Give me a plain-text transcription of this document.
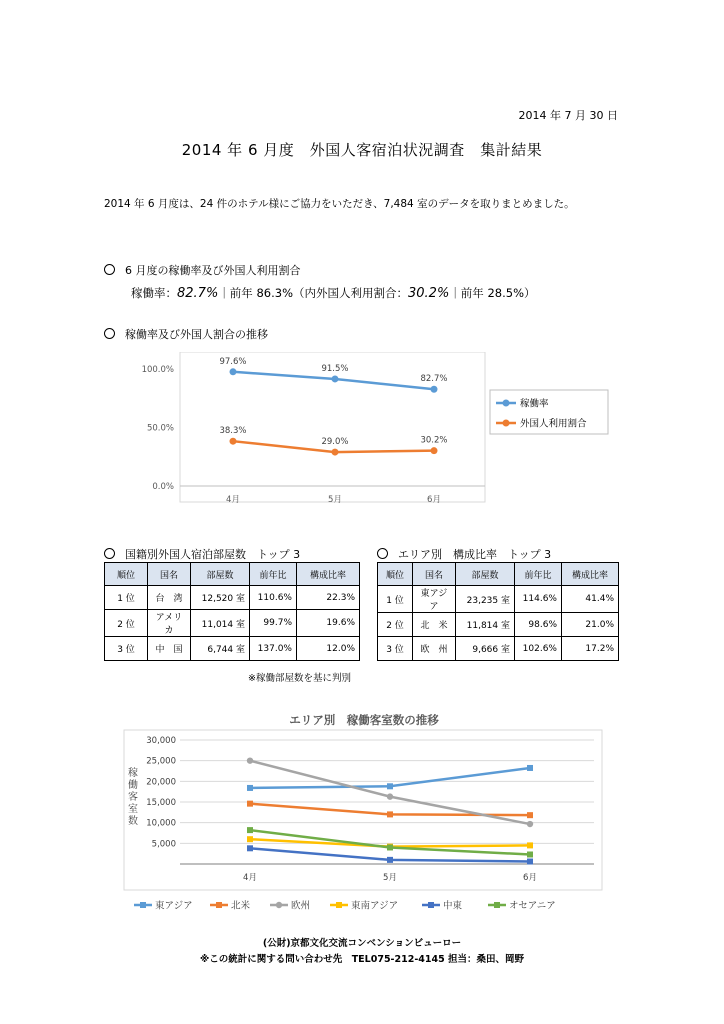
2014 年 7 月 30 日
2014 年 6 月度　外国人客宿泊状況調査　集計結果
2014 年 6 月度は、24 件のホテル様にご協力をいただき、7,484 室のデータを取りまとめました。
6 月度の稼働率及び外国人利用割合
稼働率：82.7%｜前年 86.3%（内外国人利用割合：30.2%｜前年 28.5%）
稼働率及び外国人割合の推移
0.0%
50.0%
100.0%
4月	5月	6月
97.6%
91.5%
82.7%
38.3%
29.0%	30.2%
稼働率
外国人利用割合
国籍別外国人宿泊部屋数　トップ 3
順位	国名	部屋数	前年比	構成比率
1 位	台　湾	12,520 室	110.6%	22.3%
2 位	アメリカ	11,014 室	99.7%	19.6%
3 位	中　国	6,744 室	137.0%	12.0%
エリア別　構成比率　トップ 3
順位	国名	部屋数	前年比	構成比率
1 位	東アジア	23,235 室	114.6%	41.4%
2 位	北　米	11,814 室	98.6%	21.0%
3 位	欧　州	9,666 室	102.6%	17.2%
※稼働部屋数を基に判別
エリア別　稼働客室数の推移
5,000
10,000
15,000
20,000
25,000
30,000
稼働客室数
4月	5月	6月
東アジア	北米	欧州	東南アジア	中東	オセアニア
(公財)京都文化交流コンベンションビューロー
※この統計に関する問い合わせ先　TEL075-212-4145 担当：桑田、岡野
